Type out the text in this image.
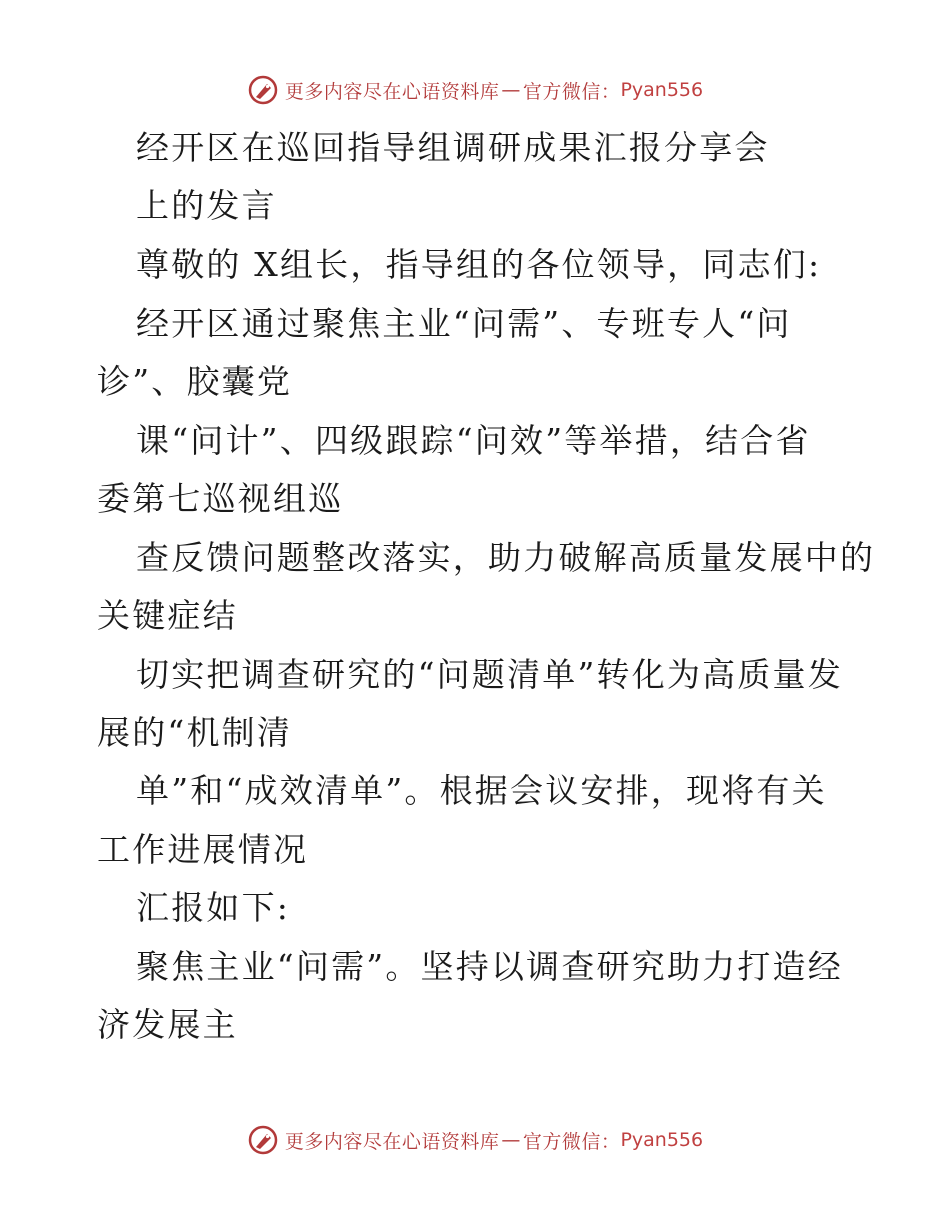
更多内容尽在心语资料库 — 官方微信： Pyan556
经开区在巡回指导组调研成果汇报分享会
上的发言
尊敬的 X组长，指导组的各位领导，同志们:
经开区通过聚焦主业“问需”、专班专人“问
诊”、胶囊党
课“问计”、四级跟踪“问效”等举措，结合省
委第七巡视组巡
查反馈问题整改落实，助力破解高质量发展中的
关键症结
切实把调查研究的“问题清单”转化为高质量发
展的“机制清
单”和“成效清单”。根据会议安排，现将有关
工作进展情况
汇报如下:
聚焦主业“问需”。坚持以调查研究助力打造经
济发展主
更多内容尽在心语资料库 — 官方微信： Pyan556
